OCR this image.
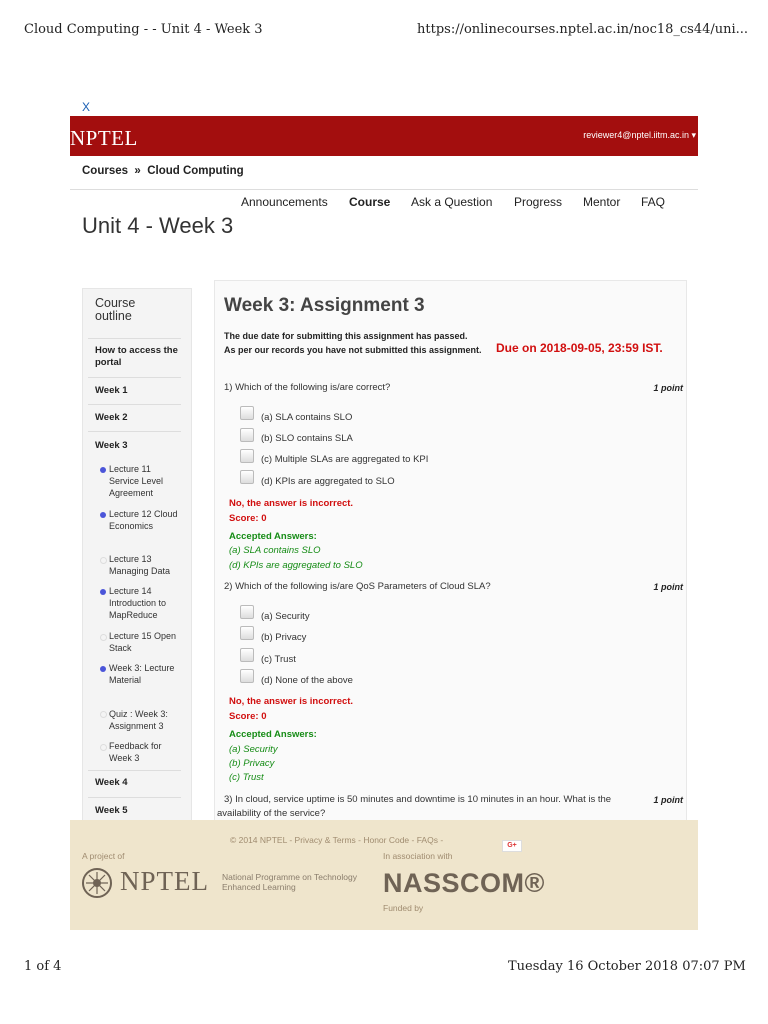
Cloud Computing - - Unit 4 - Week 3	https://onlinecourses.nptel.ac.in/noc18_cs44/uni...
X
NPTEL	reviewer4@nptel.iitm.ac.in ▾
Courses  »  Cloud Computing
Announcements Course Ask a Question Progress Mentor FAQ
Unit 4 - Week 3
Course outline
How to access the portal
Week 1
Week 2
Week 3
Lecture 11 Service Level Agreement
Lecture 12 Cloud Economics
Lecture 13 Managing Data
Lecture 14 Introduction to MapReduce
Lecture 15 Open Stack
Week 3: Lecture Material
Quiz : Week 3: Assignment 3
Feedback for Week 3
Week 4
Week 5
Week 3: Assignment 3
The due date for submitting this assignment has passed.
As per our records you have not submitted this assignment.	Due on 2018-09-05, 23:59 IST.
1) Which of the following is/are correct?	1 point
(a) SLA contains SLO
(b) SLO contains SLA
(c) Multiple SLAs are aggregated to KPI
(d) KPIs are aggregated to SLO
No, the answer is incorrect.
Score: 0
Accepted Answers:
(a) SLA contains SLO
(d) KPIs are aggregated to SLO
2) Which of the following is/are QoS Parameters of Cloud SLA?	1 point
(a) Security
(b) Privacy
(c) Trust
(d) None of the above
No, the answer is incorrect.
Score: 0
Accepted Answers:
(a) Security
(b) Privacy
(c) Trust
3) In cloud, service uptime is 50 minutes and downtime is 10 minutes in an hour. What is the availability of the service?
1 point
© 2014 NPTEL - Privacy & Terms - Honor Code - FAQs -
G+
A project of
NPTEL National Programme on Technology Enhanced Learning
In association with
NASSCOM®
Funded by
1 of 4	Tuesday 16 October 2018 07:07 PM
